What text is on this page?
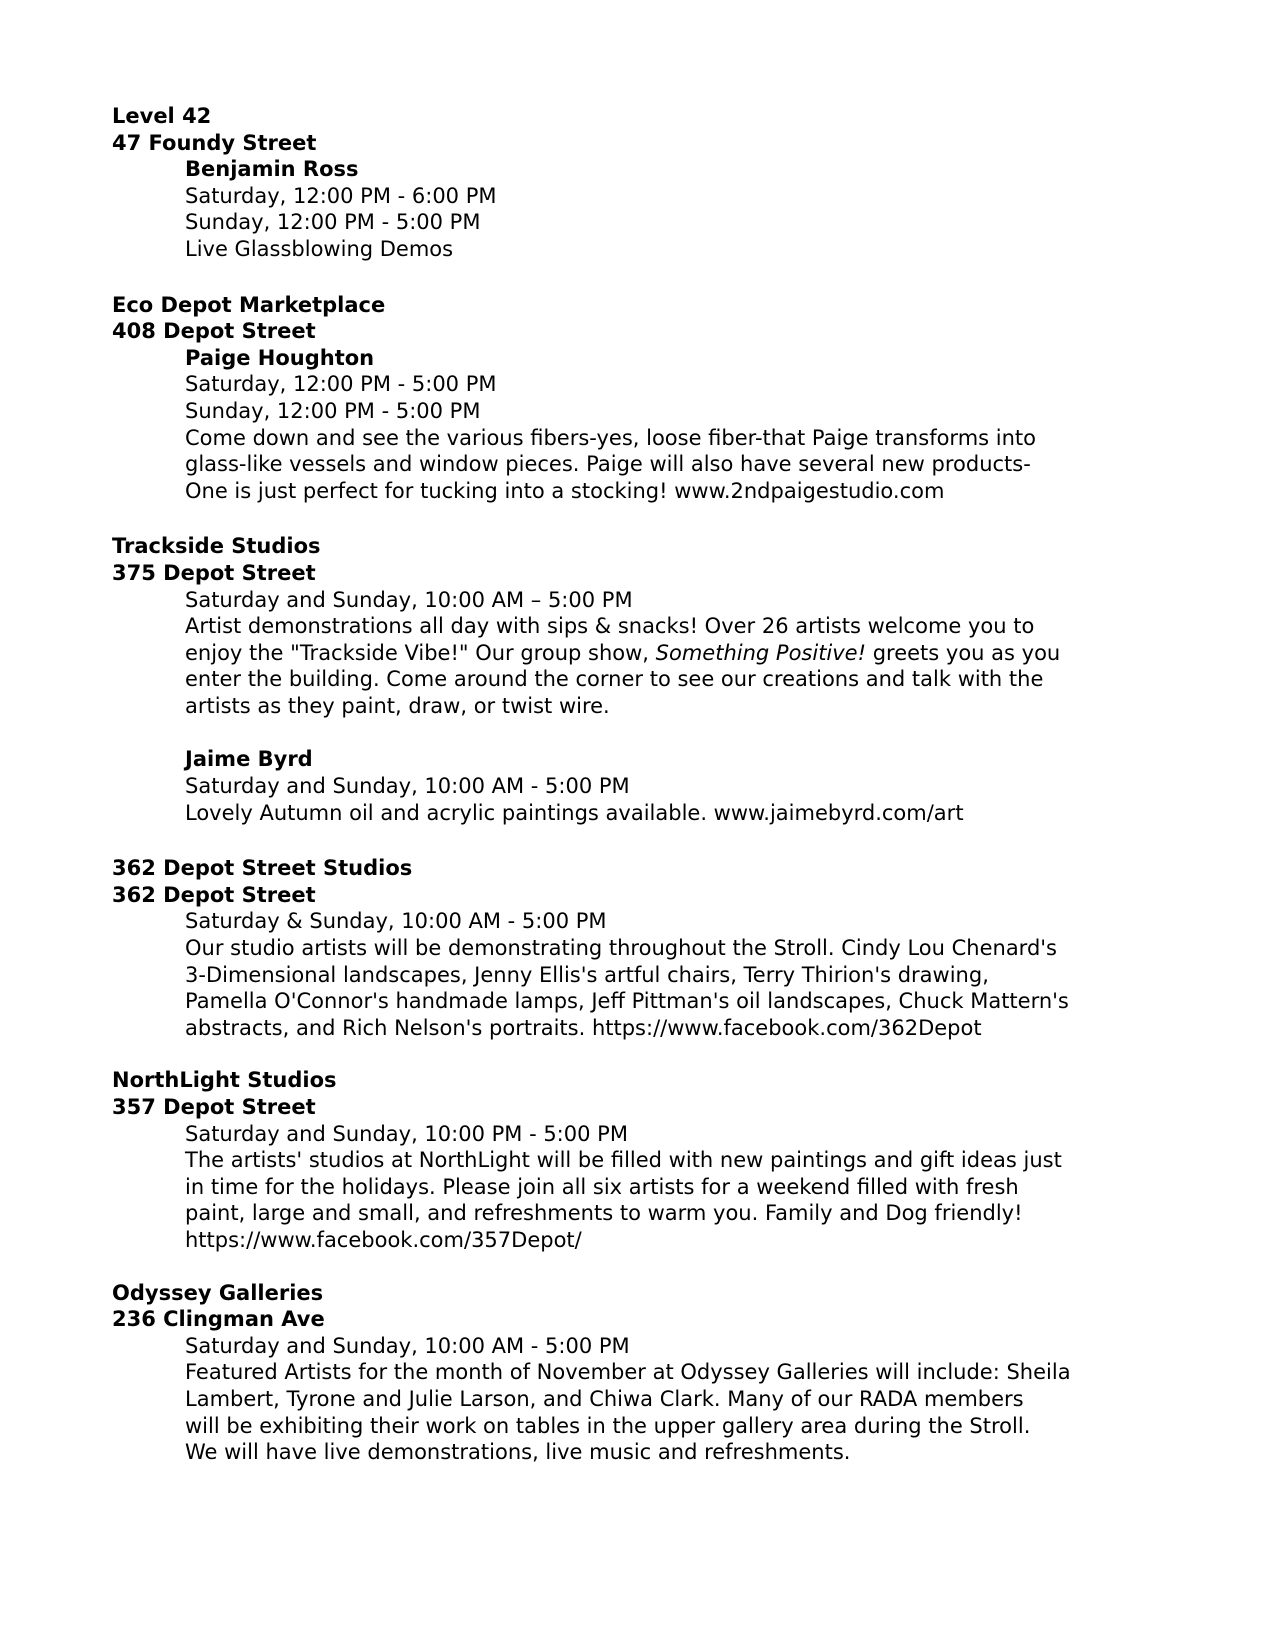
Level 42
47 Foundy Street
Benjamin Ross
Saturday, 12:00 PM - 6:00 PM
Sunday, 12:00 PM - 5:00 PM
Live Glassblowing Demos
Eco Depot Marketplace
408 Depot Street
Paige Houghton
Saturday, 12:00 PM - 5:00 PM
Sunday, 12:00 PM - 5:00 PM
Come down and see the various fibers-yes, loose fiber-that Paige transforms into
glass-like vessels and window pieces. Paige will also have several new products-
One is just perfect for tucking into a stocking! www.2ndpaigestudio.com
Trackside Studios
375 Depot Street
Saturday and Sunday, 10:00 AM – 5:00 PM
Artist demonstrations all day with sips & snacks! Over 26 artists welcome you to
enjoy the "Trackside Vibe!" Our group show, Something Positive! greets you as you
enter the building. Come around the corner to see our creations and talk with the
artists as they paint, draw, or twist wire.
Jaime Byrd
Saturday and Sunday, 10:00 AM - 5:00 PM
Lovely Autumn oil and acrylic paintings available. www.jaimebyrd.com/art
362 Depot Street Studios
362 Depot Street
Saturday & Sunday, 10:00 AM - 5:00 PM
Our studio artists will be demonstrating throughout the Stroll. Cindy Lou Chenard's
3-Dimensional landscapes, Jenny Ellis's artful chairs, Terry Thirion's drawing,
Pamella O'Connor's handmade lamps, Jeff Pittman's oil landscapes, Chuck Mattern's
abstracts, and Rich Nelson's portraits. https://www.facebook.com/362Depot
NorthLight Studios
357 Depot Street
Saturday and Sunday, 10:00 PM - 5:00 PM
The artists' studios at NorthLight will be filled with new paintings and gift ideas just
in time for the holidays. Please join all six artists for a weekend filled with fresh
paint, large and small, and refreshments to warm you. Family and Dog friendly!
https://www.facebook.com/357Depot/
Odyssey Galleries
236 Clingman Ave
Saturday and Sunday, 10:00 AM - 5:00 PM
Featured Artists for the month of November at Odyssey Galleries will include: Sheila
Lambert, Tyrone and Julie Larson, and Chiwa Clark. Many of our RADA members
will be exhibiting their work on tables in the upper gallery area during the Stroll.
We will have live demonstrations, live music and refreshments.
